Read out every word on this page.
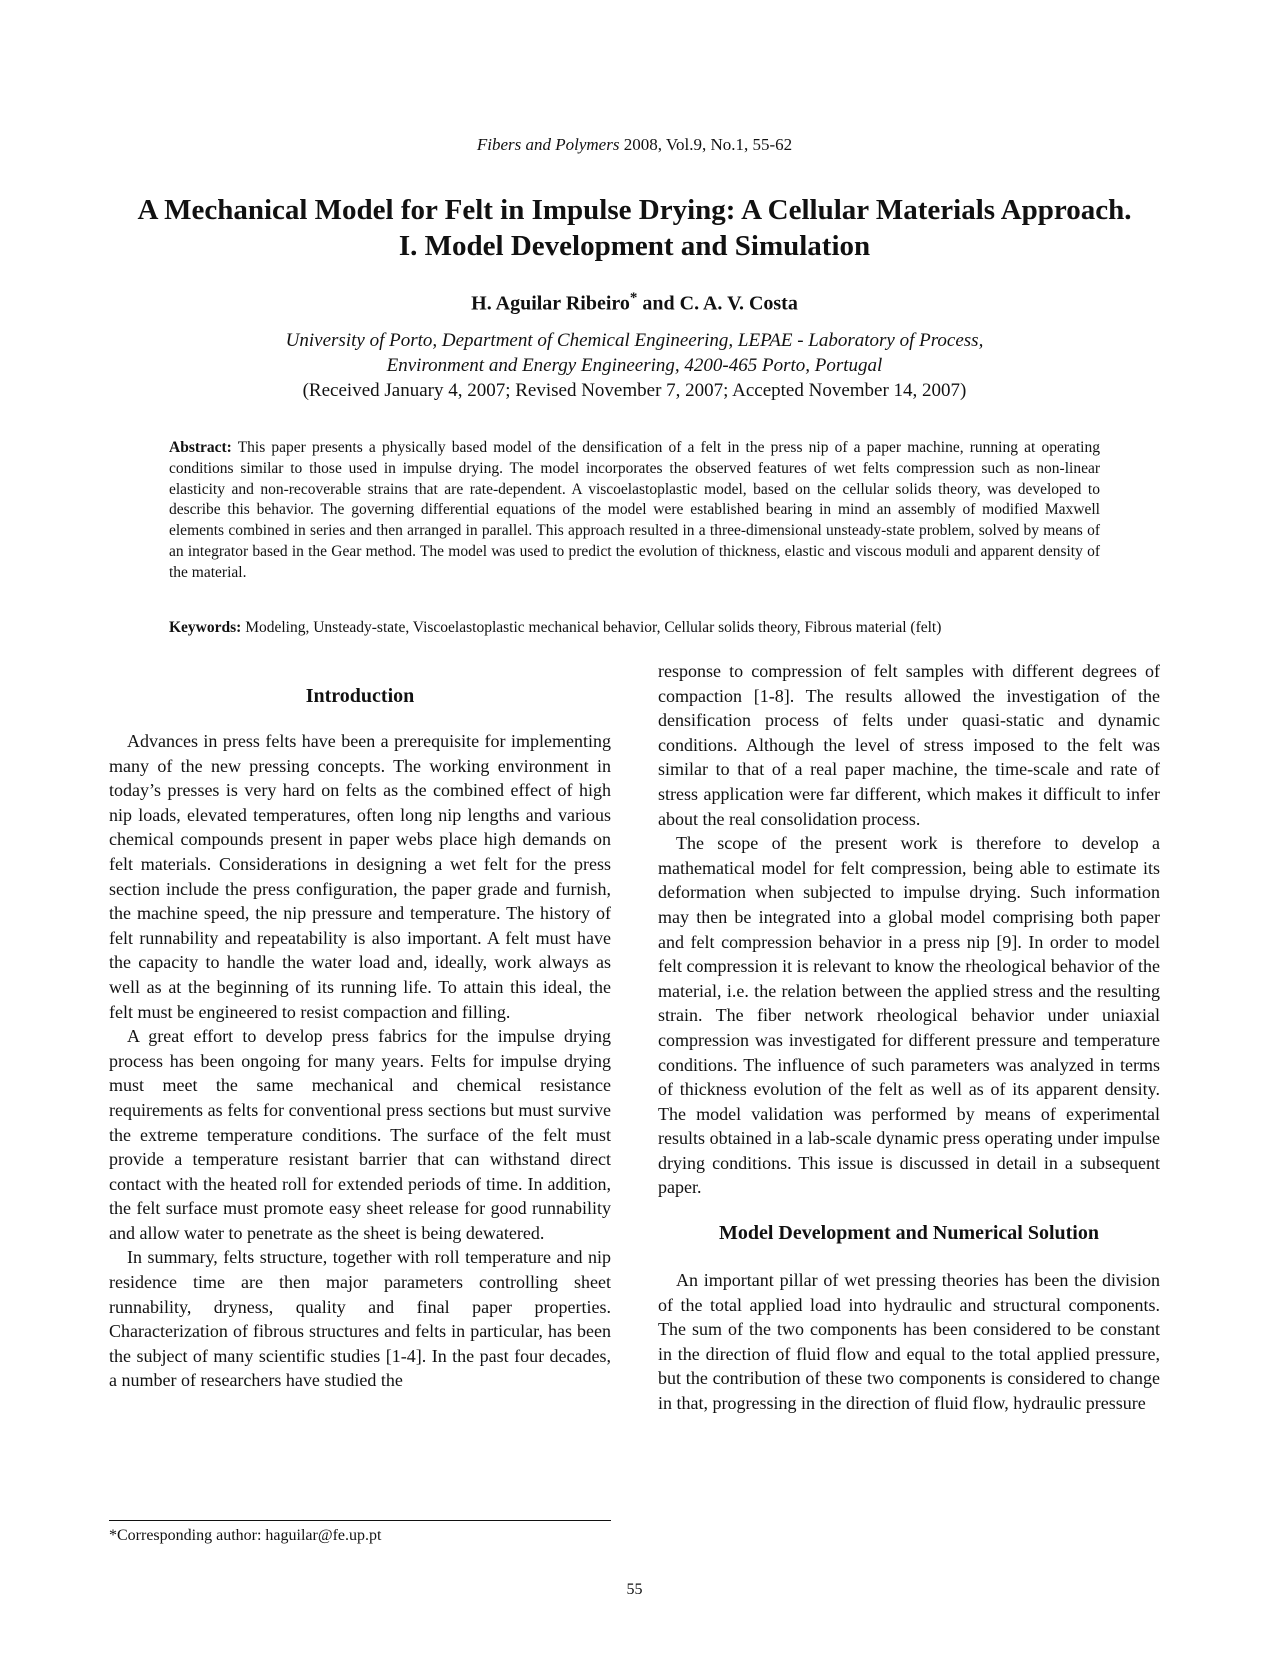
Fibers and Polymers 2008, Vol.9, No.1, 55-62
A Mechanical Model for Felt in Impulse Drying: A Cellular Materials Approach.
I. Model Development and Simulation
H. Aguilar Ribeiro* and C. A. V. Costa
University of Porto, Department of Chemical Engineering, LEPAE - Laboratory of Process,
Environment and Energy Engineering, 4200-465 Porto, Portugal
(Received January 4, 2007; Revised November 7, 2007; Accepted November 14, 2007)

Abstract: This paper presents a physically based model of the densification of a felt in the press nip of a paper machine, running at operating conditions similar to those used in impulse drying. The model incorporates the observed features of wet felts compression such as non-linear elasticity and non-recoverable strains that are rate-dependent. A viscoelastoplastic model, based on the cellular solids theory, was developed to describe this behavior. The governing differential equations of the model were established bearing in mind an assembly of modified Maxwell elements combined in series and then arranged in parallel. This approach resulted in a three-dimensional unsteady-state problem, solved by means of an integrator based in the Gear method. The model was used to predict the evolution of thickness, elastic and viscous moduli and apparent density of the material.

Keywords: Modeling, Unsteady-state, Viscoelastoplastic mechanical behavior, Cellular solids theory, Fibrous material (felt)
Introduction

Advances in press felts have been a prerequisite for implementing many of the new pressing concepts. The working environment in today’s presses is very hard on felts as the combined effect of high nip loads, elevated temperatures, often long nip lengths and various chemical compounds present in paper webs place high demands on felt materials. Considerations in designing a wet felt for the press section include the press configuration, the paper grade and furnish, the machine speed, the nip pressure and temperature. The history of felt runnability and repeatability is also important. A felt must have the capacity to handle the water load and, ideally, work always as well as at the beginning of its running life. To attain this ideal, the felt must be engineered to resist compaction and filling.

A great effort to develop press fabrics for the impulse drying process has been ongoing for many years. Felts for impulse drying must meet the same mechanical and chemical resistance requirements as felts for conventional press sections but must survive the extreme temperature conditions. The surface of the felt must provide a temperature resistant barrier that can withstand direct contact with the heated roll for extended periods of time. In addition, the felt surface must promote easy sheet release for good runnability and allow water to penetrate as the sheet is being dewatered.

In summary, felts structure, together with roll temperature and nip residence time are then major parameters controlling sheet runnability, dryness, quality and final paper properties. Characterization of fibrous structures and felts in particular, has been the subject of many scientific studies [1-4]. In the past four decades, a number of researchers have studied the

response to compression of felt samples with different degrees of compaction [1-8]. The results allowed the investigation of the densification process of felts under quasi-static and dynamic conditions. Although the level of stress imposed to the felt was similar to that of a real paper machine, the time-scale and rate of stress application were far different, which makes it difficult to infer about the real consolidation process.

The scope of the present work is therefore to develop a mathematical model for felt compression, being able to estimate its deformation when subjected to impulse drying. Such information may then be integrated into a global model comprising both paper and felt compression behavior in a press nip [9]. In order to model felt compression it is relevant to know the rheological behavior of the material, i.e. the relation between the applied stress and the resulting strain. The fiber network rheological behavior under uniaxial compression was investigated for different pressure and temperature conditions. The influence of such parameters was analyzed in terms of thickness evolution of the felt as well as of its apparent density. The model validation was performed by means of experimental results obtained in a lab-scale dynamic press operating under impulse drying conditions. This issue is discussed in detail in a subsequent paper.

Model Development and Numerical Solution

An important pillar of wet pressing theories has been the division of the total applied load into hydraulic and structural components. The sum of the two components has been considered to be constant in the direction of fluid flow and equal to the total applied pressure, but the contribution of these two components is considered to change in that, progressing in the direction of fluid flow, hydraulic pressure

*Corresponding author: haguilar@fe.up.pt
55
